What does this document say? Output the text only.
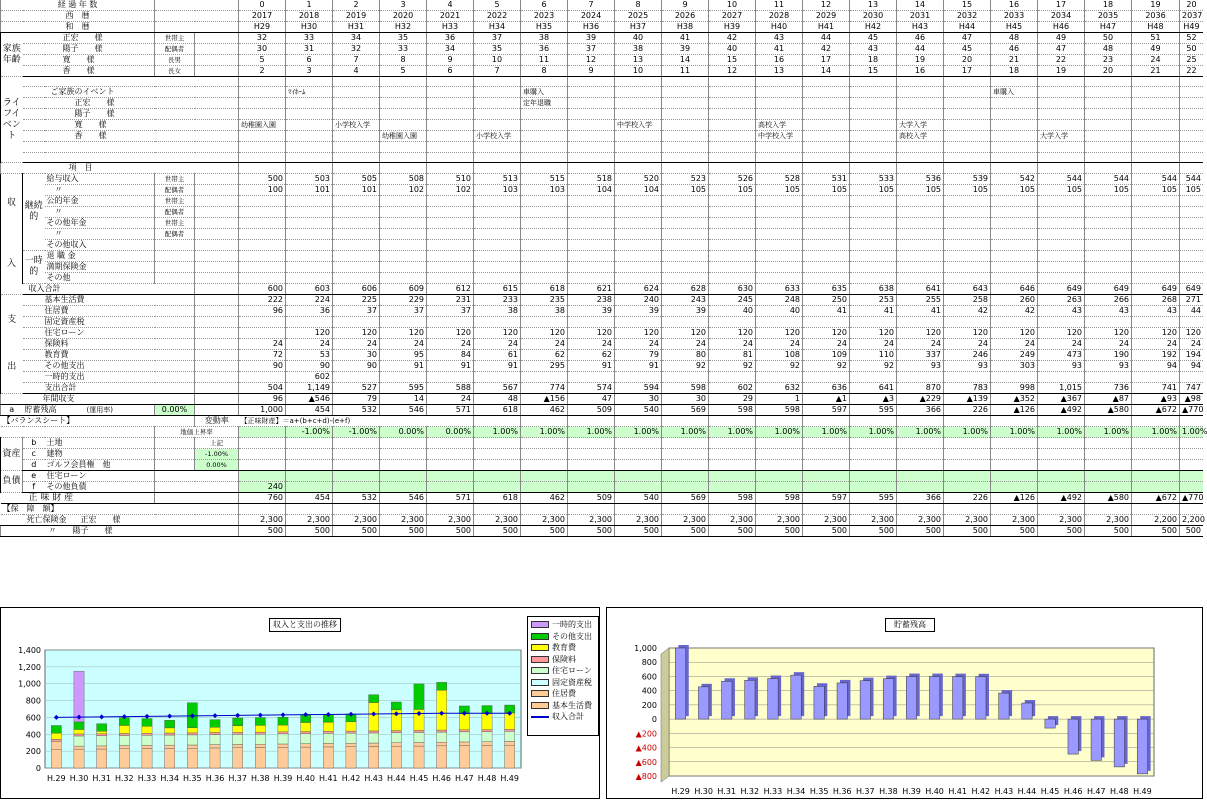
経 過 年 数					0	1	2	3	4	5	6	7	8	9	10	11	12	13	14	15	16	17	18	19	20
西　暦					2017	2018	2019	2020	2021	2022	2023	2024	2025	2026	2027	2028	2029	2030	2031	2032	2033	2034	2035	2036	2037
和　暦					H29	H30	H31	H32	H33	H34	H35	H36	H37	H38	H39	H40	H41	H42	H43	H44	H45	H46	H47	H48	H49
家族年齢	正宏　　様		世帯主		32	33	34	35	36	37	38	39	40	41	42	43	44	45	46	47	48	49	50	51	52
	陽子　　様		配偶者		30	31	32	33	34	35	36	37	38	39	40	41	42	43	44	45	46	47	48	49	50
	寛　　様		長男		5	6	7	8	9	10	11	12	13	14	15	16	17	18	19	20	21	22	23	24	25
	香　　様		長女		2	3	4	5	6	7	8	9	10	11	12	13	14	15	16	17	18	19	20	21	22
ライフイベント																									
	ご家族のイベント					ﾏｲﾎｰﾑ					車購入										車購入				
	正宏　　様										定年退職														
	陽子　　様																								
	寛　　様				幼稚園入園		小学校入学						中学校入学			高校入学			大学入学						
	香　　様							幼稚園入園		小学校入学						中学校入学			高校入学			大学入学			

		項　目																							

収
入	継続的	給与収入	世帯主		500	503	505	508	510	513	515	518	520	523	526	528	531	533	536	539	542	544	544	544	544
		　〃	配偶者		100	101	101	102	102	103	103	104	104	105	105	105	105	105	105	105	105	105	105	105	105
		公的年金	世帯主																						
		　〃	配偶者																						
		その他年金	世帯主																						
		　〃	配偶者																						
		その他収入																							
	一時的	退 職 金																							
		満期保険金																							
		その他																							
	収入合計				600	603	606	609	612	615	618	621	624	628	630	633	635	638	641	643	646	649	649	649	649

支
出	基本生活費				222	224	225	229	231	233	235	238	240	243	245	248	250	253	255	258	260	263	266	268	271
	住居費				96	36	37	37	37	38	38	39	39	39	40	40	41	41	41	42	42	43	43	43	44
	固定資産税																								
	住宅ローン					120	120	120	120	120	120	120	120	120	120	120	120	120	120	120	120	120	120	120	120
	保険料				24	24	24	24	24	24	24	24	24	24	24	24	24	24	24	24	24	24	24	24	24
	教育費				72	53	30	95	84	61	62	62	79	80	81	108	109	110	337	246	249	473	190	192	194
	その他支出				90	90	90	91	91	91	295	91	91	92	92	92	92	92	93	93	303	93	93	94	94
	一時的支出					602																			
	支出合計				504	1,149	527	595	588	567	774	574	594	598	602	632	636	641	870	783	998	1,015	736	741	747
	年間収支				96	▲546	79	14	24	48	▲156	47	30	30	29	1	▲1	▲3	▲229	▲139	▲352	▲367	▲87	▲93	▲98
a	貯蓄残高 (運用率)		0.00%		1,000	454	532	546	571	618	462	509	540	569	598	598	597	595	366	226	▲126	▲492	▲580	▲672	▲770
【バランスシート】				変動率	【正味財産】＝a+(b+c+d)-(e+f)																				
			地価上昇率			-1.00%	-1.00%	0.00%	0.00%	1.00%	1.00%	1.00%	1.00%	1.00%	1.00%	1.00%	1.00%	1.00%	1.00%	1.00%	1.00%	1.00%	1.00%	1.00%	1.00%
資産	b	土地		上記																					
	c	建物		-1.00%																					
	d	ゴルフ会員権　他		0.00%																					
負債	e	住宅ローン																							
	f	その他負債			240																				
正 味 財 産					760	454	532	546	571	618	462	509	540	569	598	598	597	595	366	226	▲126	▲492	▲580	▲672	▲770
【保　障　額】																									
死亡保険金		正宏　　様			2,300	2,300	2,300	2,300	2,300	2,300	2,300	2,300	2,300	2,300	2,300	2,300	2,300	2,300	2,300	2,300	2,300	2,300	2,300	2,200	2,200
		〃　　陽子　　様			500	500	500	500	500	500	500	500	500	500	500	500	500	500	500	500	500	500	500	500	500
0
200
400
600
800
1,000
1,200
1,400
H.29 H.30 H.31 H.32 H.33 H.34 H.35 H.36 H.37 H.38 H.39 H.40 H.41 H.42 H.43 H.44 H.45 H.46 H.47 H.48 H.49
収入と支出の推移	一時的支出
その他支出
教育費
保険料
住宅ローン
固定資産税
住居費
基本生活費
収入合計
▲800
▲600
▲400
▲200
0
200
400
600
800
1,000
H.29 H.30 H.31 H.32 H.33 H.34 H.35 H.36 H.37 H.38 H.39 H.40 H.41 H.42 H.43 H.44 H.45 H.46 H.47 H.48 H.49
貯蓄残高
